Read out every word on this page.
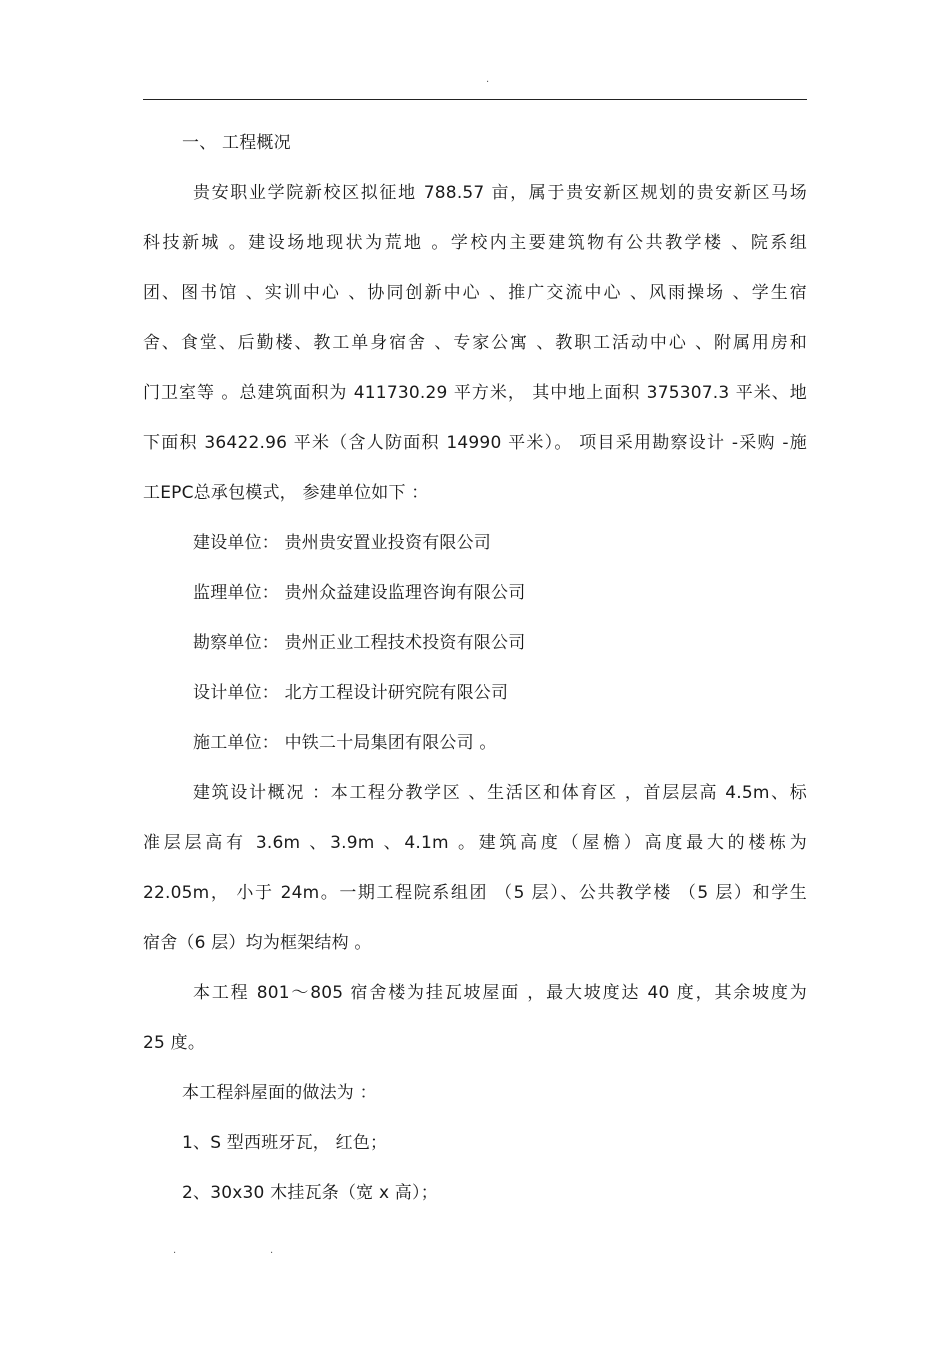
.
一、 工程概况
贵安职业学院新校区拟征地 788.57 亩，属于贵安新区规划的贵安新区马场
科技新城 。建设场地现状为荒地 。学校内主要建筑物有公共教学楼 、院系组
团、图书馆 、实训中心 、协同创新中心 、推广交流中心 、风雨操场 、学生宿
舍、食堂、后勤楼、教工单身宿舍 、专家公寓 、教职工活动中心 、附属用房和
门卫室等 。总建筑面积为 411730.29 平方米， 其中地上面积 375307.3 平米、地
下面积 36422.96 平米（含人防面积 14990 平米）。 项目采用勘察设计 -采购 -施
工EPC总承包模式， 参建单位如下 ：
建设单位： 贵州贵安置业投资有限公司
监理单位： 贵州众益建设监理咨询有限公司
勘察单位： 贵州正业工程技术投资有限公司
设计单位： 北方工程设计研究院有限公司
施工单位： 中铁二十局集团有限公司 。
建筑设计概况 ：本工程分教学区 、生活区和体育区 ，首层层高 4.5m、标
准层层高有 3.6m 、3.9m 、4.1m 。建筑高度（屋檐）高度最大的楼栋为
22.05m， 小于 24m。一期工程院系组团 （5 层）、公共教学楼 （5 层）和学生
宿舍（6 层）均为框架结构 。
本工程 801～805 宿舍楼为挂瓦坡屋面 ，最大坡度达 40 度，其余坡度为
25 度。
本工程斜屋面的做法为 ：
1、S 型西班牙瓦， 红色；
2、30x30 木挂瓦条（宽 x 高）；
.	.
